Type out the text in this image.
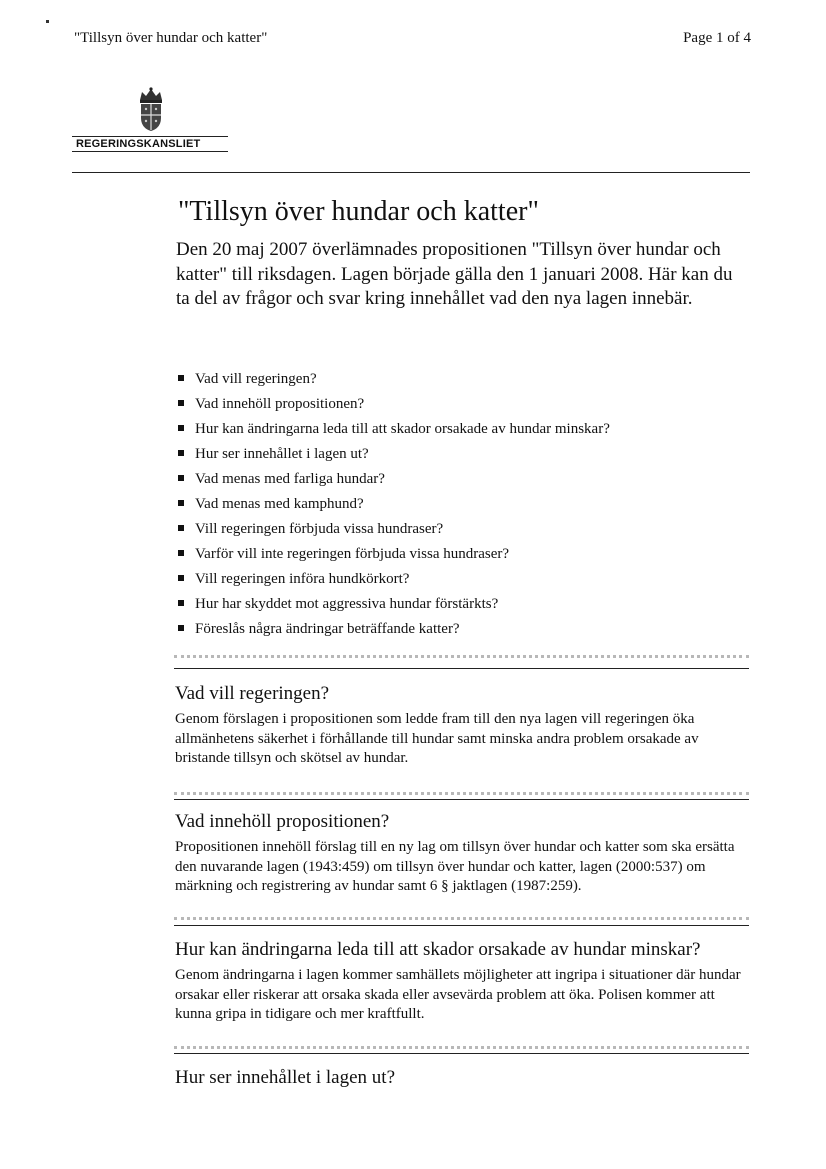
"Tillsyn över hundar och katter"	Page 1 of 4
REGERINGSKANSLIET
"Tillsyn över hundar och katter"

Den 20 maj 2007 överlämnades propositionen "Tillsyn över hundar och katter" till riksdagen. Lagen började gälla den 1 januari 2008. Här kan du ta del av frågor och svar kring innehållet vad den nya lagen innebär.

Vad vill regeringen?
Vad innehöll propositionen?
Hur kan ändringarna leda till att skador orsakade av hundar minskar?
Hur ser innehållet i lagen ut?
Vad menas med farliga hundar?
Vad menas med kamphund?
Vill regeringen förbjuda vissa hundraser?
Varför vill inte regeringen förbjuda vissa hundraser?
Vill regeringen införa hundkörkort?
Hur har skyddet mot aggressiva hundar förstärkts?
Föreslås några ändringar beträffande katter?
Vad vill regeringen?

Genom förslagen i propositionen som ledde fram till den nya lagen vill regeringen öka allmänhetens säkerhet i förhållande till hundar samt minska andra problem orsakade av bristande tillsyn och skötsel av hundar.

Vad innehöll propositionen?

Propositionen innehöll förslag till en ny lag om tillsyn över hundar och katter som ska ersätta den nuvarande lagen (1943:459) om tillsyn över hundar och katter, lagen (2000:537) om märkning och registrering av hundar samt 6 § jaktlagen (1987:259).

Hur kan ändringarna leda till att skador orsakade av hundar minskar?

Genom ändringarna i lagen kommer samhällets möjligheter att ingripa i situationer där hundar orsakar eller riskerar att orsaka skada eller avsevärda problem att öka. Polisen kommer att kunna gripa in tidigare och mer kraftfullt.

Hur ser innehållet i lagen ut?
